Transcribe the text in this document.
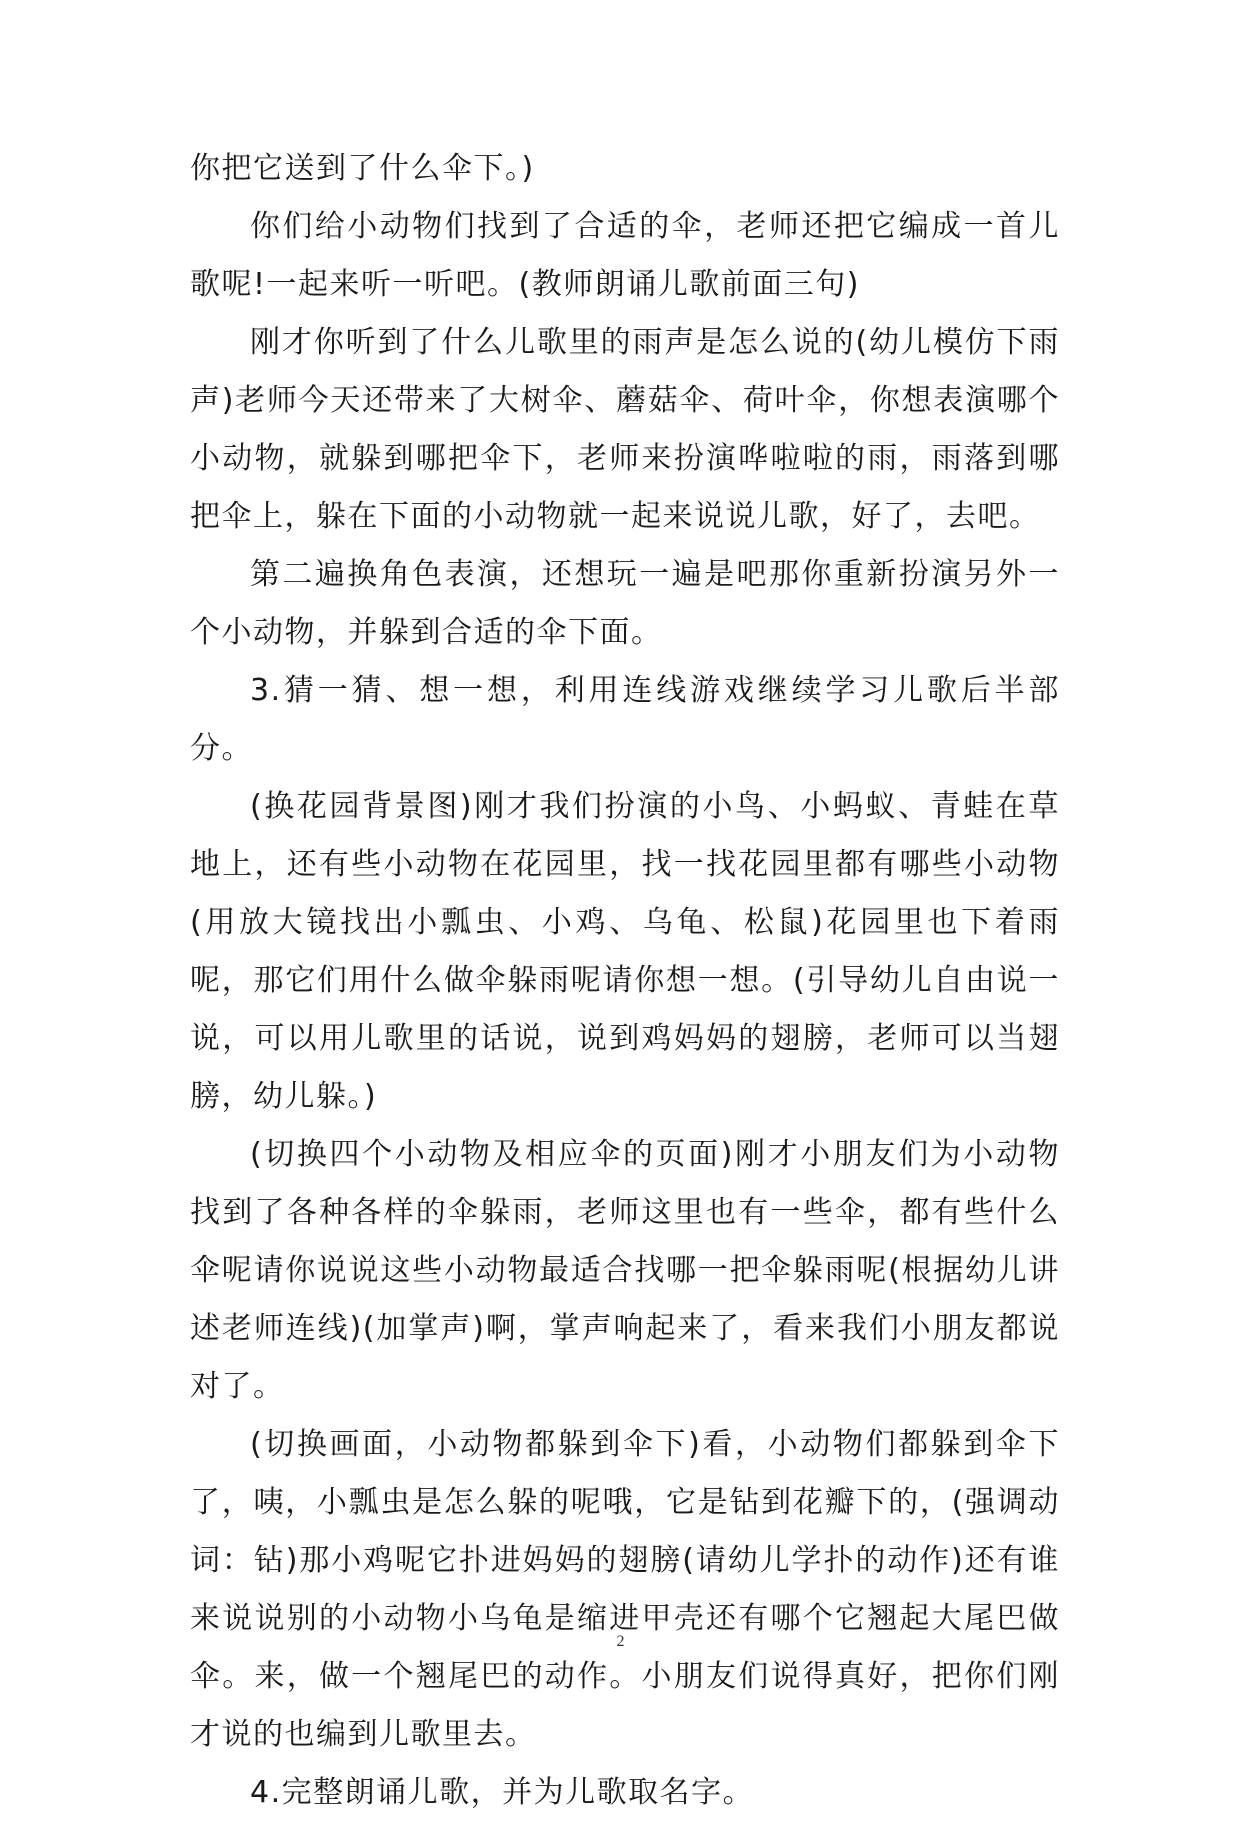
你把它送到了什么伞下。)

你们给小动物们找到了合适的伞，老师还把它编成一首儿歌呢!一起来听一听吧。(教师朗诵儿歌前面三句)

刚才你听到了什么儿歌里的雨声是怎么说的(幼儿模仿下雨声)老师今天还带来了大树伞、蘑菇伞、荷叶伞，你想表演哪个小动物，就躲到哪把伞下，老师来扮演哗啦啦的雨，雨落到哪把伞上，躲在下面的小动物就一起来说说儿歌，好了，去吧。

第二遍换角色表演，还想玩一遍是吧那你重新扮演另外一个小动物，并躲到合适的伞下面。

3.猜一猜、想一想，利用连线游戏继续学习儿歌后半部分。

(换花园背景图)刚才我们扮演的小鸟、小蚂蚁、青蛙在草地上，还有些小动物在花园里，找一找花园里都有哪些小动物(用放大镜找出小瓢虫、小鸡、乌龟、松鼠)花园里也下着雨呢，那它们用什么做伞躲雨呢请你想一想。(引导幼儿自由说一说，可以用儿歌里的话说，说到鸡妈妈的翅膀，老师可以当翅膀，幼儿躲。)

(切换四个小动物及相应伞的页面)刚才小朋友们为小动物找到了各种各样的伞躲雨，老师这里也有一些伞，都有些什么伞呢请你说说这些小动物最适合找哪一把伞躲雨呢(根据幼儿讲述老师连线)(加掌声)啊，掌声响起来了，看来我们小朋友都说对了。

(切换画面，小动物都躲到伞下)看，小动物们都躲到伞下了，咦，小瓢虫是怎么躲的呢哦，它是钻到花瓣下的，(强调动词：钻)那小鸡呢它扑进妈妈的翅膀(请幼儿学扑的动作)还有谁来说说别的小动物小乌龟是缩进甲壳还有哪个它翘起大尾巴做伞。来，做一个翘尾巴的动作。小朋友们说得真好，把你们刚才说的也编到儿歌里去。

4.完整朗诵儿歌，并为儿歌取名字。

2
